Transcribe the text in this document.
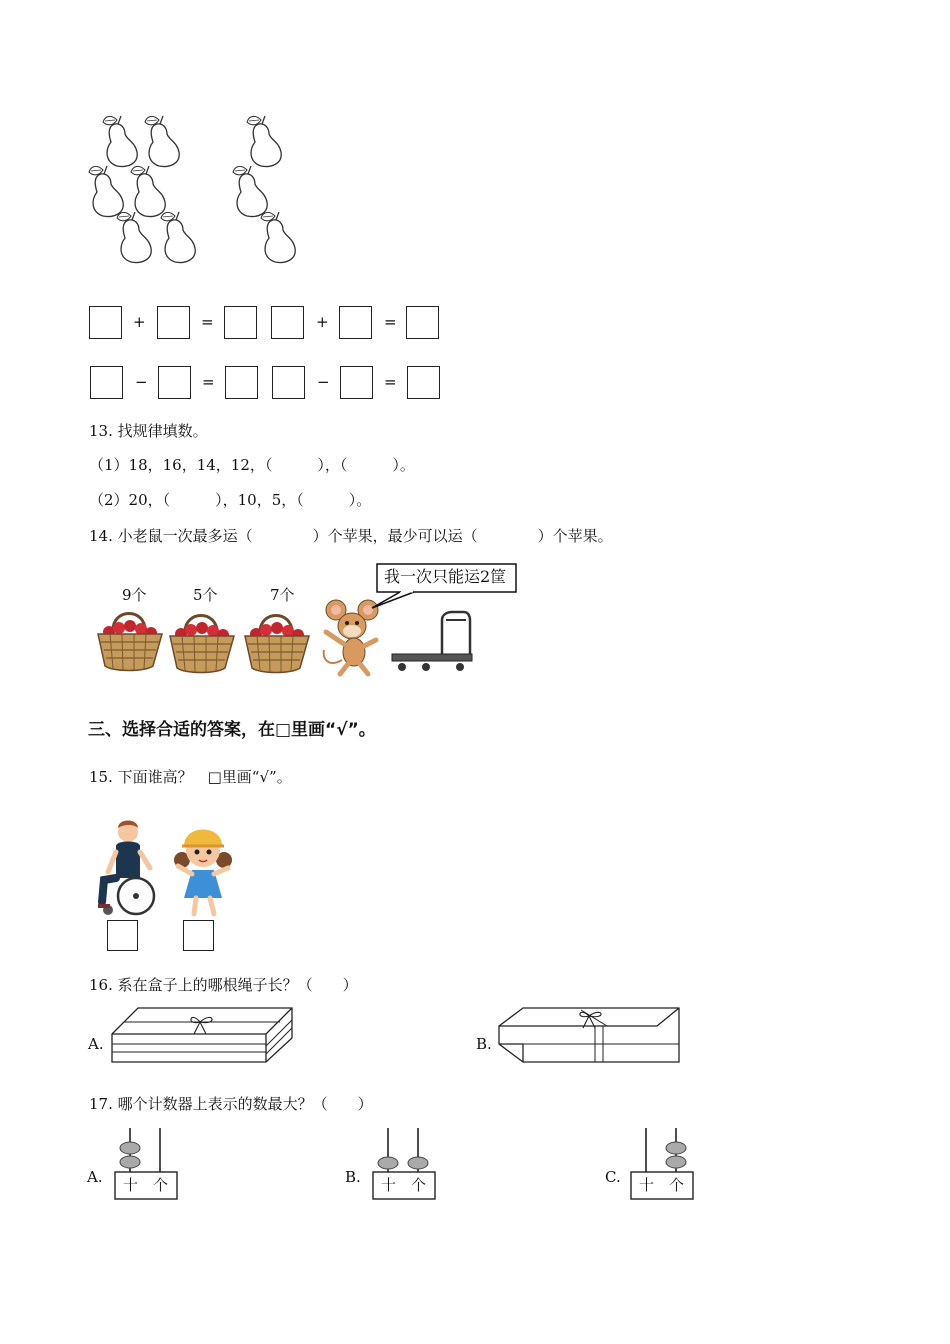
+	=	+	=
−	=	−	=
13. 找规律填数。
（1）18，16，14，12，（　　　），（　　　）。
（2）20，（　　　），10，5，（　　　）。
14. 小老鼠一次最多运（　　　　）个苹果，最少可以运（　　　　）个苹果。
9个	5个	7个
我一次只能运2筐
三、选择合适的答案，在□里画“√”。
15. 下面谁高？　□里画“√”。
16. 系在盒子上的哪根绳子长？（　　）
A.	B.
17. 哪个计数器上表示的数最大？（　　）
A.	B.	C.
十 个	十 个	十 个
